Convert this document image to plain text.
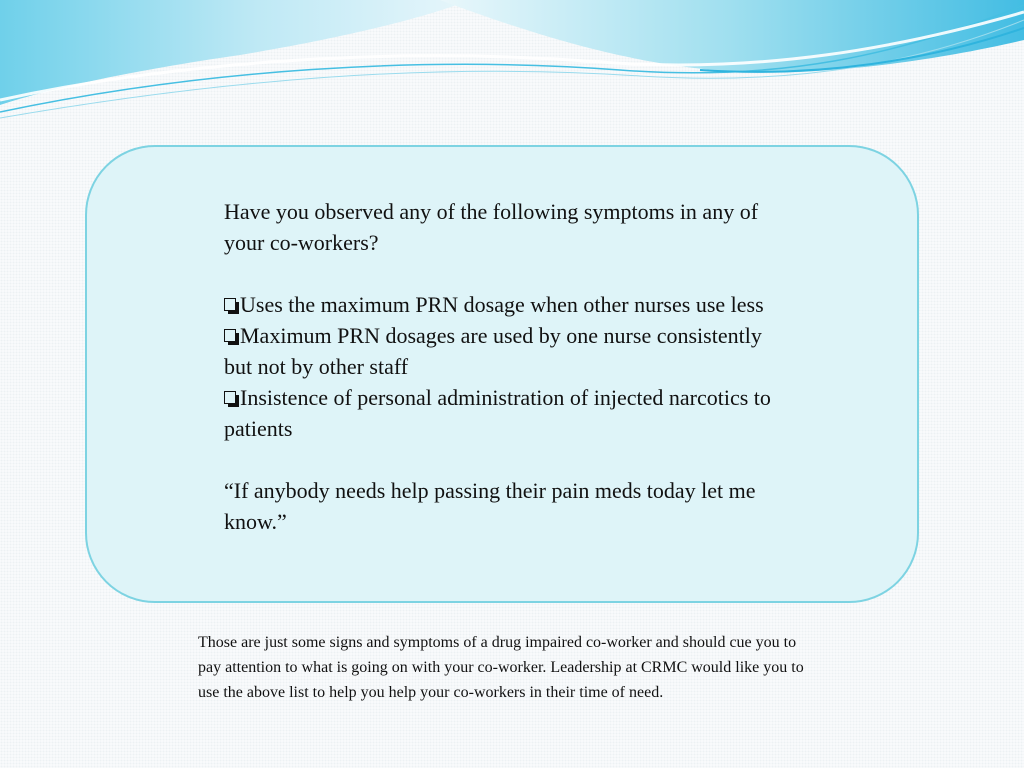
Have you observed any of the following symptoms in any of your co-workers?

Uses the maximum PRN dosage when other nurses use less

Maximum PRN dosages are used by one nurse consistently but not by other staff

Insistence of personal administration of injected narcotics to patients

“If anybody needs help passing their pain meds today let me know.”

Those are just some signs and symptoms of a drug impaired co-worker and should cue you to pay attention to what is going on with your co-worker. Leadership at CRMC would like you to use the above list to help you help your co-workers in their time of need.
